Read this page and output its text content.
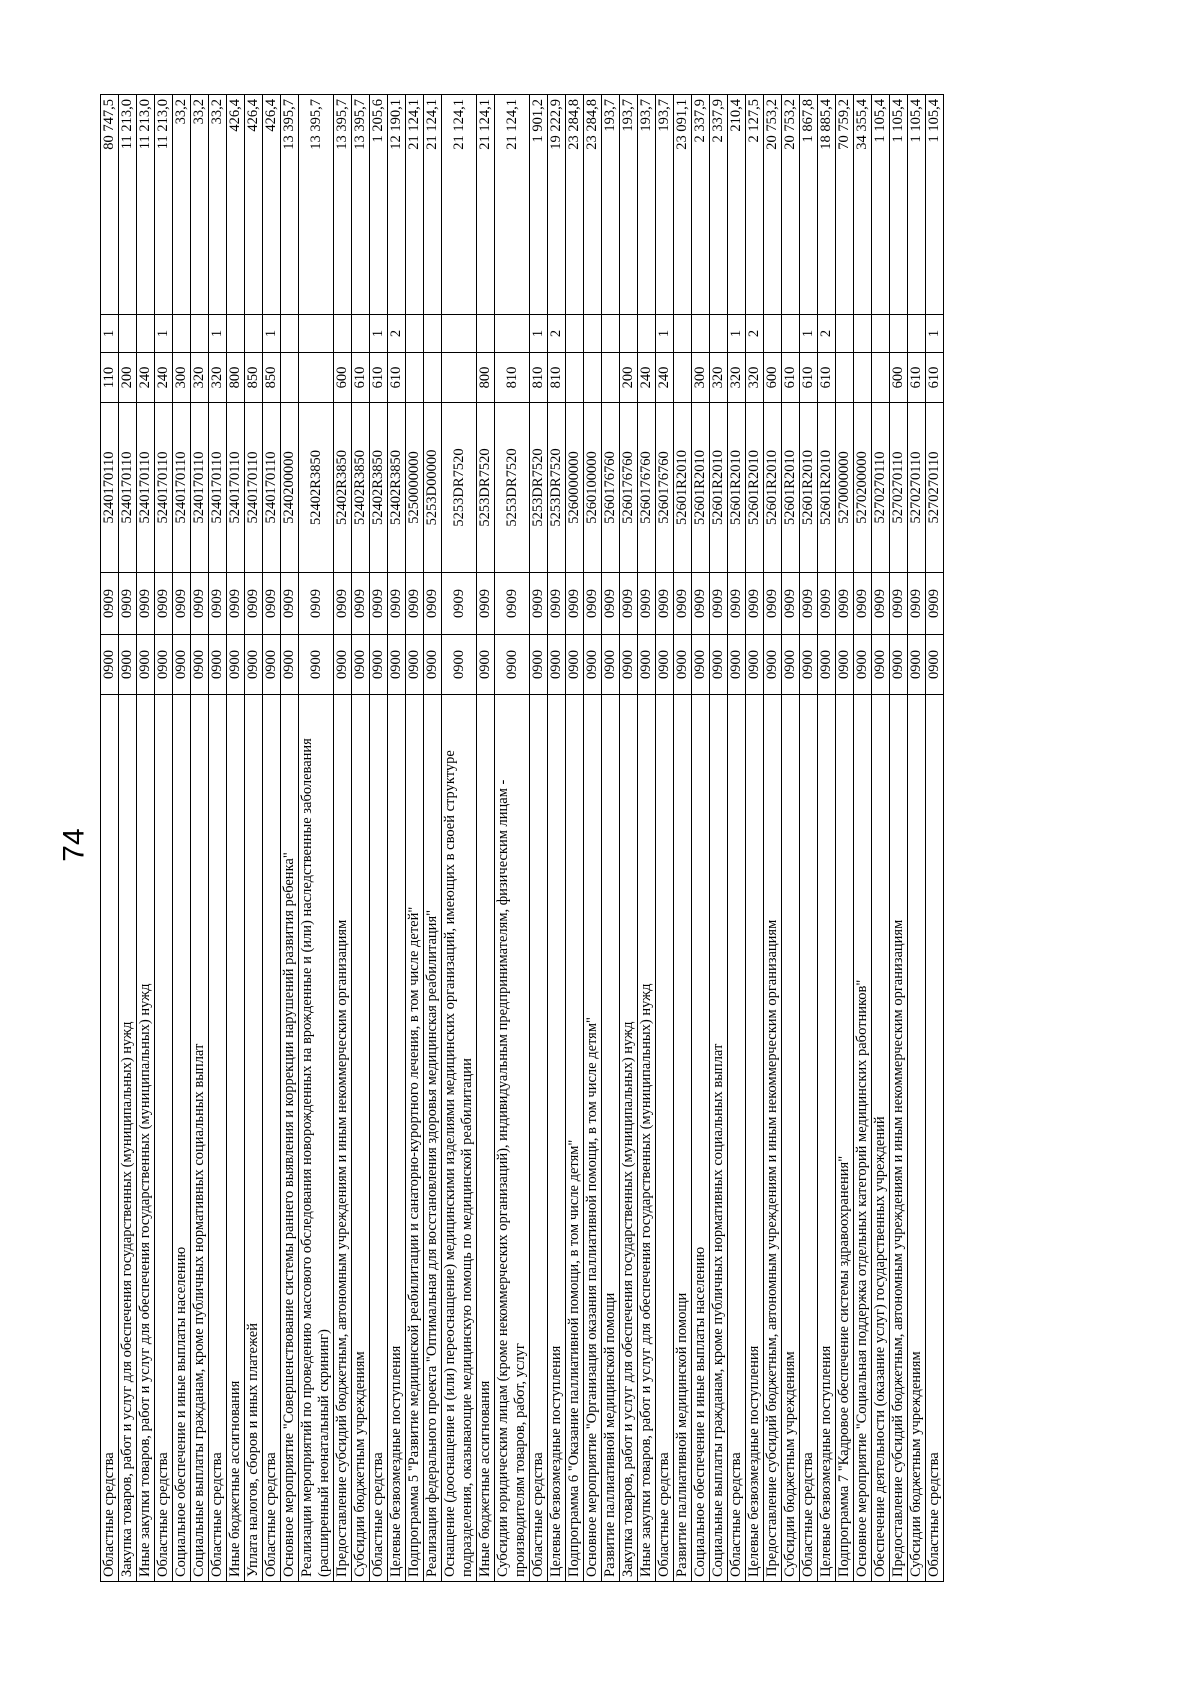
74
Областные средства	0900	0909	5240170110	110	1	80 747,5
Закупка товаров, работ и услуг для обеспечения государственных (муниципальных) нужд	0900	0909	5240170110	200		11 213,0
Иные закупки товаров, работ и услуг для обеспечения государственных (муниципальных) нужд	0900	0909	5240170110	240		11 213,0
Областные средства	0900	0909	5240170110	240	1	11 213,0
Социальное обеспечение и иные выплаты населению	0900	0909	5240170110	300		33,2
Социальные выплаты гражданам, кроме публичных нормативных социальных выплат	0900	0909	5240170110	320		33,2
Областные средства	0900	0909	5240170110	320	1	33,2
Иные бюджетные ассигнования	0900	0909	5240170110	800		426,4
Уплата налогов, сборов и иных платежей	0900	0909	5240170110	850		426,4
Областные средства	0900	0909	5240170110	850	1	426,4
Основное мероприятие "Совершенствование системы раннего выявления и коррекции нарушений развития ребенка"	0900	0909	5240200000			13 395,7
Реализации мероприятий по проведению массового обследования новорожденных на врожденные и (или) наследственные заболевания (расширенный неонатальный скрининг)	0900	0909	52402R3850			13 395,7
Предоставление субсидий бюджетным, автономным учреждениям и иным некоммерческим организациям	0900	0909	52402R3850	600		13 395,7
Субсидии бюджетным учреждениям	0900	0909	52402R3850	610		13 395,7
Областные средства	0900	0909	52402R3850	610	1	1 205,6
Целевые безвозмездные поступления	0900	0909	52402R3850	610	2	12 190,1
Подпрограмма 5 "Развитие медицинской реабилитации и санаторно-курортного лечения, в том числе детей"	0900	0909	5250000000			21 124,1
Реализация федерального проекта "Оптимальная для восстановления здоровья медицинская реабилитация"	0900	0909	5253D00000			21 124,1
Оснащение (дооснащение и (или) переоснащение) медицинскими изделиями медицинских организаций, имеющих в своей структуре подразделения, оказывающие медицинскую помощь по медицинской реабилитации	0900	0909	5253DR7520			21 124,1
Иные бюджетные ассигнования	0900	0909	5253DR7520	800		21 124,1
Субсидии юридическим лицам (кроме некоммерческих организаций), индивидуальным предпринимателям, физическим лицам - производителям товаров, работ, услуг	0900	0909	5253DR7520	810		21 124,1
Областные средства	0900	0909	5253DR7520	810	1	1 901,2
Целевые безвозмездные поступления	0900	0909	5253DR7520	810	2	19 222,9
Подпрограмма 6 "Оказание паллиативной помощи, в том числе детям"	0900	0909	5260000000			23 284,8
Основное мероприятие "Организация оказания паллиативной помощи, в том числе детям"	0900	0909	5260100000			23 284,8
Развитие паллиативной медицинской помощи	0900	0909	5260176760			193,7
Закупка товаров, работ и услуг для обеспечения государственных (муниципальных) нужд	0900	0909	5260176760	200		193,7
Иные закупки товаров, работ и услуг для обеспечения государственных (муниципальных) нужд	0900	0909	5260176760	240		193,7
Областные средства	0900	0909	5260176760	240	1	193,7
Развитие паллиативной медицинской помощи	0900	0909	52601R2010			23 091,1
Социальное обеспечение и иные выплаты населению	0900	0909	52601R2010	300		2 337,9
Социальные выплаты гражданам, кроме публичных нормативных социальных выплат	0900	0909	52601R2010	320		2 337,9
Областные средства	0900	0909	52601R2010	320	1	210,4
Целевые безвозмездные поступления	0900	0909	52601R2010	320	2	2 127,5
Предоставление субсидий бюджетным, автономным учреждениям и иным некоммерческим организациям	0900	0909	52601R2010	600		20 753,2
Субсидии бюджетным учреждениям	0900	0909	52601R2010	610		20 753,2
Областные средства	0900	0909	52601R2010	610	1	1 867,8
Целевые безвозмездные поступления	0900	0909	52601R2010	610	2	18 885,4
Подпрограмма 7 "Кадровое обеспечение системы здравоохранения"	0900	0909	5270000000			70 759,2
Основное мероприятие "Социальная поддержка отдельных категорий медицинских работников"	0900	0909	5270200000			34 355,4
Обеспечение деятельности (оказание услуг) государственных учреждений	0900	0909	5270270110			1 105,4
Предоставление субсидий бюджетным, автономным учреждениям и иным некоммерческим организациям	0900	0909	5270270110	600		1 105,4
Субсидии бюджетным учреждениям	0900	0909	5270270110	610		1 105,4
Областные средства	0900	0909	5270270110	610	1	1 105,4
